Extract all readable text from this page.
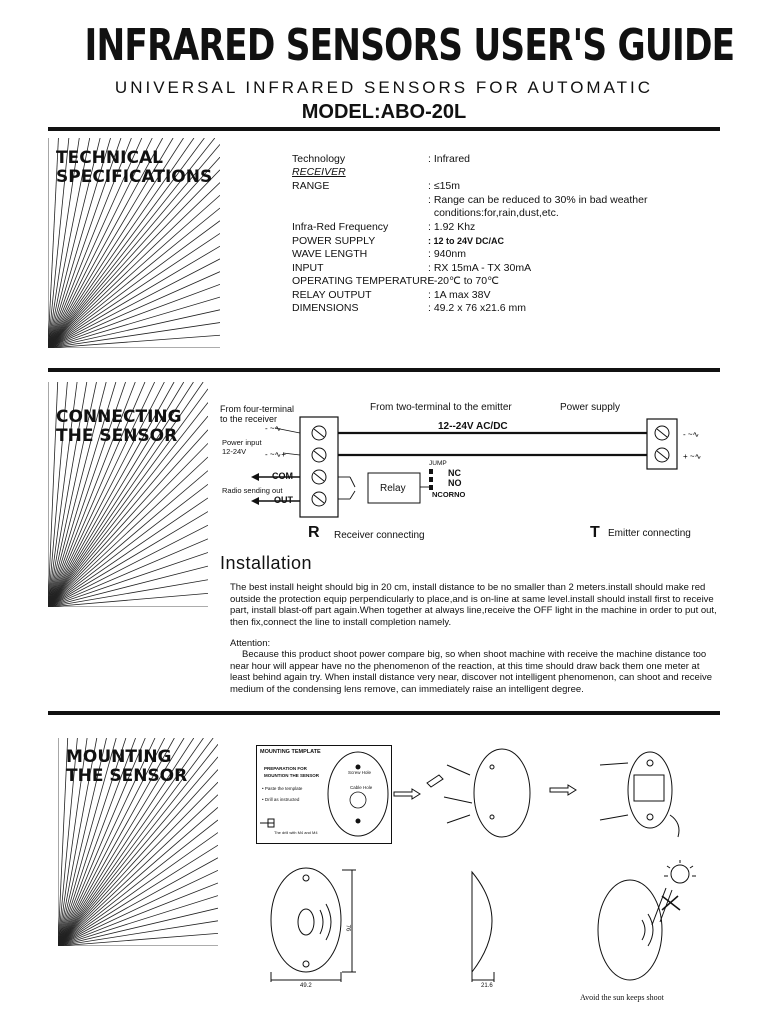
INFRARED SENSORS USER'S GUIDE
UNIVERSAL INFRARED SENSORS FOR AUTOMATIC
MODEL:ABO-20L
TECHNICAL
SPECIFICATIONS
Technology	: Infrared
RECEIVER
RANGE	: ≤15m
: Range can be reduced to 30% in bad weather
conditions:for,rain,dust,etc.
Infra-Red Frequency	: 1.92 Khz
POWER SUPPLY	: 12 to 24V DC/AC
WAVE LENGTH	: 940nm
INPUT	: RX 15mA - TX 30mA
OPERATING TEMPERATURE
: -20℃ to 70℃
RELAY OUTPUT	: 1A max 38V
DIMENSIONS	: 49.2 x 76 x21.6 mm
CONNECTING
THE SENSOR	- ~∿
+ ~∿
- ~∿
- ~∿+
From four-terminal
to the receiver
From two-terminal to the emitter	Power supply
12--24V AC/DC
Power input
12-24V
COM
Radio sending out
OUT
Relay
JUMP
NC
NO
NCORNO
R Receiver connecting	T Emitter connecting
Installation
The best install height should big in 20 cm, install distance to be no smaller than 2 meters.install should make red outside the protection equip perpendicularly to place,and is on-line at same level.install should install first to receive part, install blast-off part again.When together at always line,receive the OFF light in the machine in order to put out, then fix,connect the line to install completion namely.
Attention:
Because this product shoot power compare big, so when shoot machine with receive the machine distance too near hour will appear have no the phenomenon of the reaction, at this time should draw back them one meter at least behind again try. When install distance very near, discover not intelligent phenomenon, can shoot and receive medium of the condensing lens remove, can immediately raise an intelligent degree.
MOUNTING
THE SENSOR
MOUNTING TEMPLATE
PREPARATION FOR
MOUNTION THE SENSOR
• Paste the template
• Drill as instructed
The drill with M4 and M4
Screw Hole
Cable Hole
76
49.2	21.6
Avoid the sun keeps shoot
